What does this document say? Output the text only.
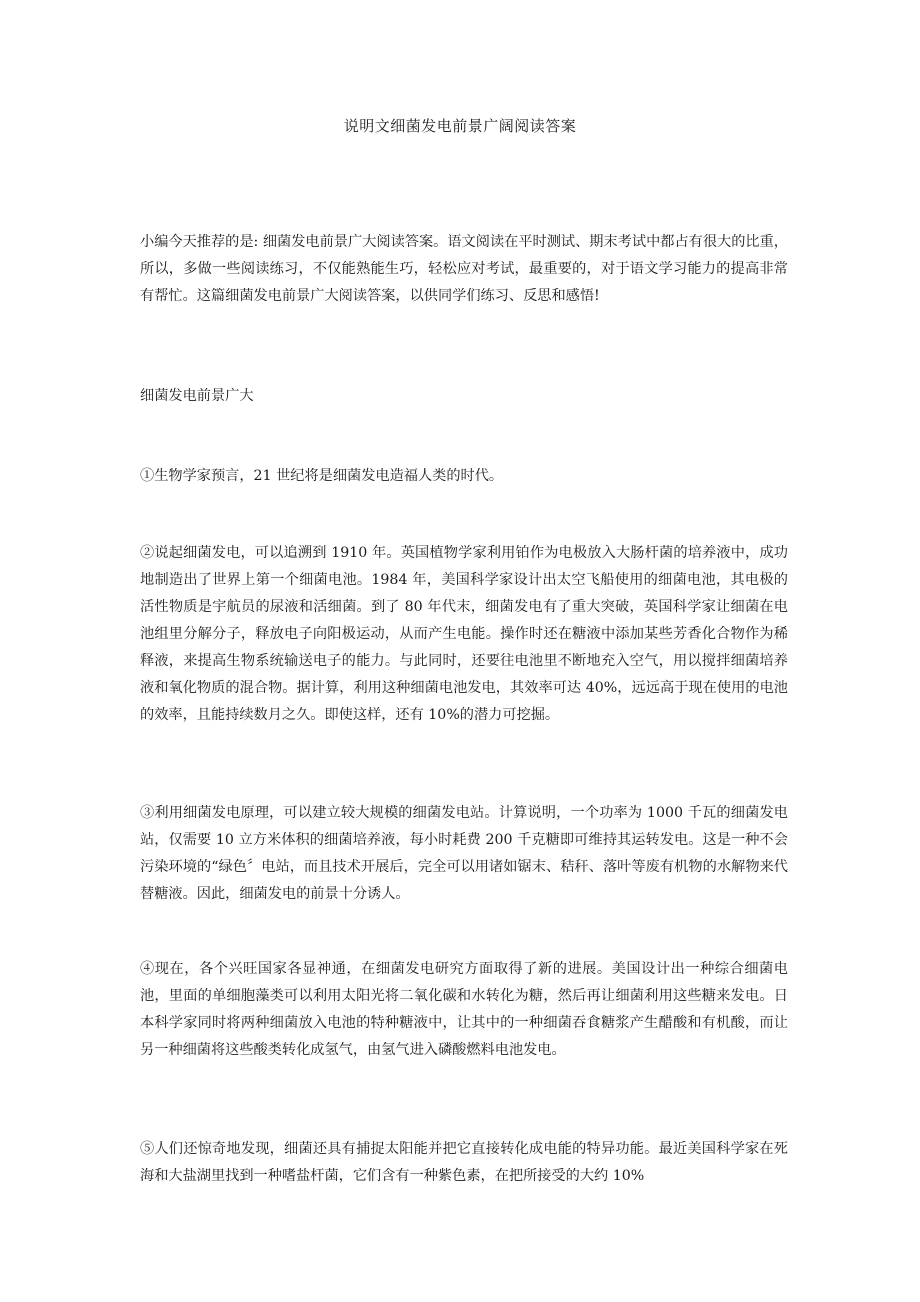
说明文细菌发电前景广阔阅读答案

小编今天推荐的是: 细菌发电前景广大阅读答案。语文阅读在平时测试、期末考试中都占有很大的比重，所以，多做一些阅读练习，不仅能熟能生巧，轻松应对考试，最重要的，对于语文学习能力的提高非常有帮忙。这篇细菌发电前景广大阅读答案，以供同学们练习、反思和感悟!

细菌发电前景广大

①生物学家预言，21 世纪将是细菌发电造福人类的时代。

②说起细菌发电，可以追溯到 1910 年。英国植物学家利用铂作为电极放入大肠杆菌的培养液中，成功地制造出了世界上第一个细菌电池。1984 年，美国科学家设计出太空飞船使用的细菌电池，其电极的活性物质是宇航员的尿液和活细菌。到了 80 年代末，细菌发电有了重大突破，英国科学家让细菌在电池组里分解分子，释放电子向阳极运动，从而产生电能。操作时还在糖液中添加某些芳香化合物作为稀释液，来提高生物系统输送电子的能力。与此同时，还要往电池里不断地充入空气，用以搅拌细菌培养液和氧化物质的混合物。据计算，利用这种细菌电池发电，其效率可达 40%，远远高于现在使用的电池的效率，且能持续数月之久。即使这样，还有 10%的潜力可挖掘。

③利用细菌发电原理，可以建立较大规模的细菌发电站。计算说明，一个功率为 1000 千瓦的细菌发电站，仅需要 10 立方米体积的细菌培养液，每小时耗费 200 千克糖即可维持其运转发电。这是一种不会污染环境的“绿色〞电站，而且技术开展后，完全可以用诸如锯末、秸秆、落叶等废有机物的水解物来代替糖液。因此，细菌发电的前景十分诱人。

④现在，各个兴旺国家各显神通，在细菌发电研究方面取得了新的进展。美国设计出一种综合细菌电池，里面的单细胞藻类可以利用太阳光将二氧化碳和水转化为糖，然后再让细菌利用这些糖来发电。日本科学家同时将两种细菌放入电池的特种糖液中，让其中的一种细菌吞食糖浆产生醋酸和有机酸，而让另一种细菌将这些酸类转化成氢气，由氢气进入磷酸燃料电池发电。

⑤人们还惊奇地发现，细菌还具有捕捉太阳能并把它直接转化成电能的特异功能。最近美国科学家在死海和大盐湖里找到一种嗜盐杆菌，它们含有一种紫色素，在把所接受的大约 10%
